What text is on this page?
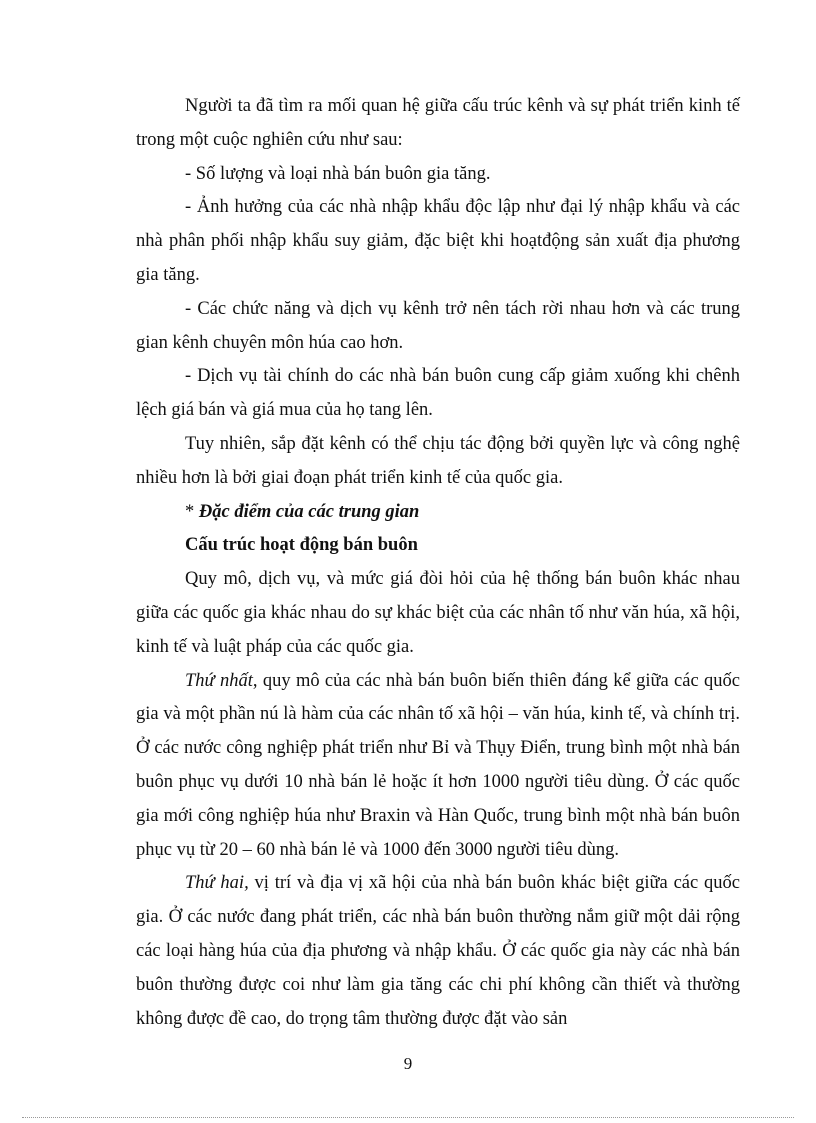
Người ta đã tìm ra mối quan hệ giữa cấu trúc kênh và sự phát triển kinh tế trong một cuộc nghiên cứu như sau:

- Số lượng và loại nhà bán buôn gia tăng.

- Ảnh hưởng của các nhà nhập khẩu độc lập như đại lý nhập khẩu và các nhà phân phối nhập khẩu suy giảm, đặc biệt khi hoạtđộng sản xuất địa phương gia tăng.

- Các chức năng và dịch vụ kênh trở nên tách rời nhau hơn và các trung gian kênh chuyên môn húa cao hơn.

- Dịch vụ tài chính do các nhà bán buôn cung cấp giảm xuống khi chênh lệch giá bán và giá mua của họ tang lên.

Tuy nhiên, sắp đặt kênh có thể chịu tác động bởi quyền lực và công nghệ nhiều hơn là bởi giai đoạn phát triển kinh tế của quốc gia.

* Đặc điểm của các trung gian

Cấu trúc hoạt động bán buôn

Quy mô, dịch vụ, và mức giá đòi hỏi của hệ thống bán buôn khác nhau giữa các quốc gia khác nhau do sự khác biệt của các nhân tố như văn húa, xã hội, kinh tế và luật pháp của các quốc gia.

Thứ nhất, quy mô của các nhà bán buôn biến thiên đáng kể giữa các quốc gia và một phần nú là hàm của các nhân tố xã hội – văn húa, kinh tế, và chính trị. Ở các nước công nghiệp phát triển như Bỉ và Thụy Điển, trung bình một nhà bán buôn phục vụ dưới 10 nhà bán lẻ hoặc ít hơn 1000 người tiêu dùng. Ở các quốc gia mới công nghiệp húa như Braxin và Hàn Quốc, trung bình một nhà bán buôn phục vụ từ 20 – 60 nhà bán lẻ và 1000 đến 3000 người tiêu dùng.

Thứ hai, vị trí và địa vị xã hội của nhà bán buôn khác biệt giữa các quốc gia. Ở các nước đang phát triển, các nhà bán buôn thường nắm giữ một dải rộng các loại hàng húa của địa phương và nhập khẩu. Ở các quốc gia này các nhà bán buôn thường được coi như làm gia tăng các chi phí không cần thiết và thường không được đề cao, do trọng tâm thường được đặt vào sản

9
